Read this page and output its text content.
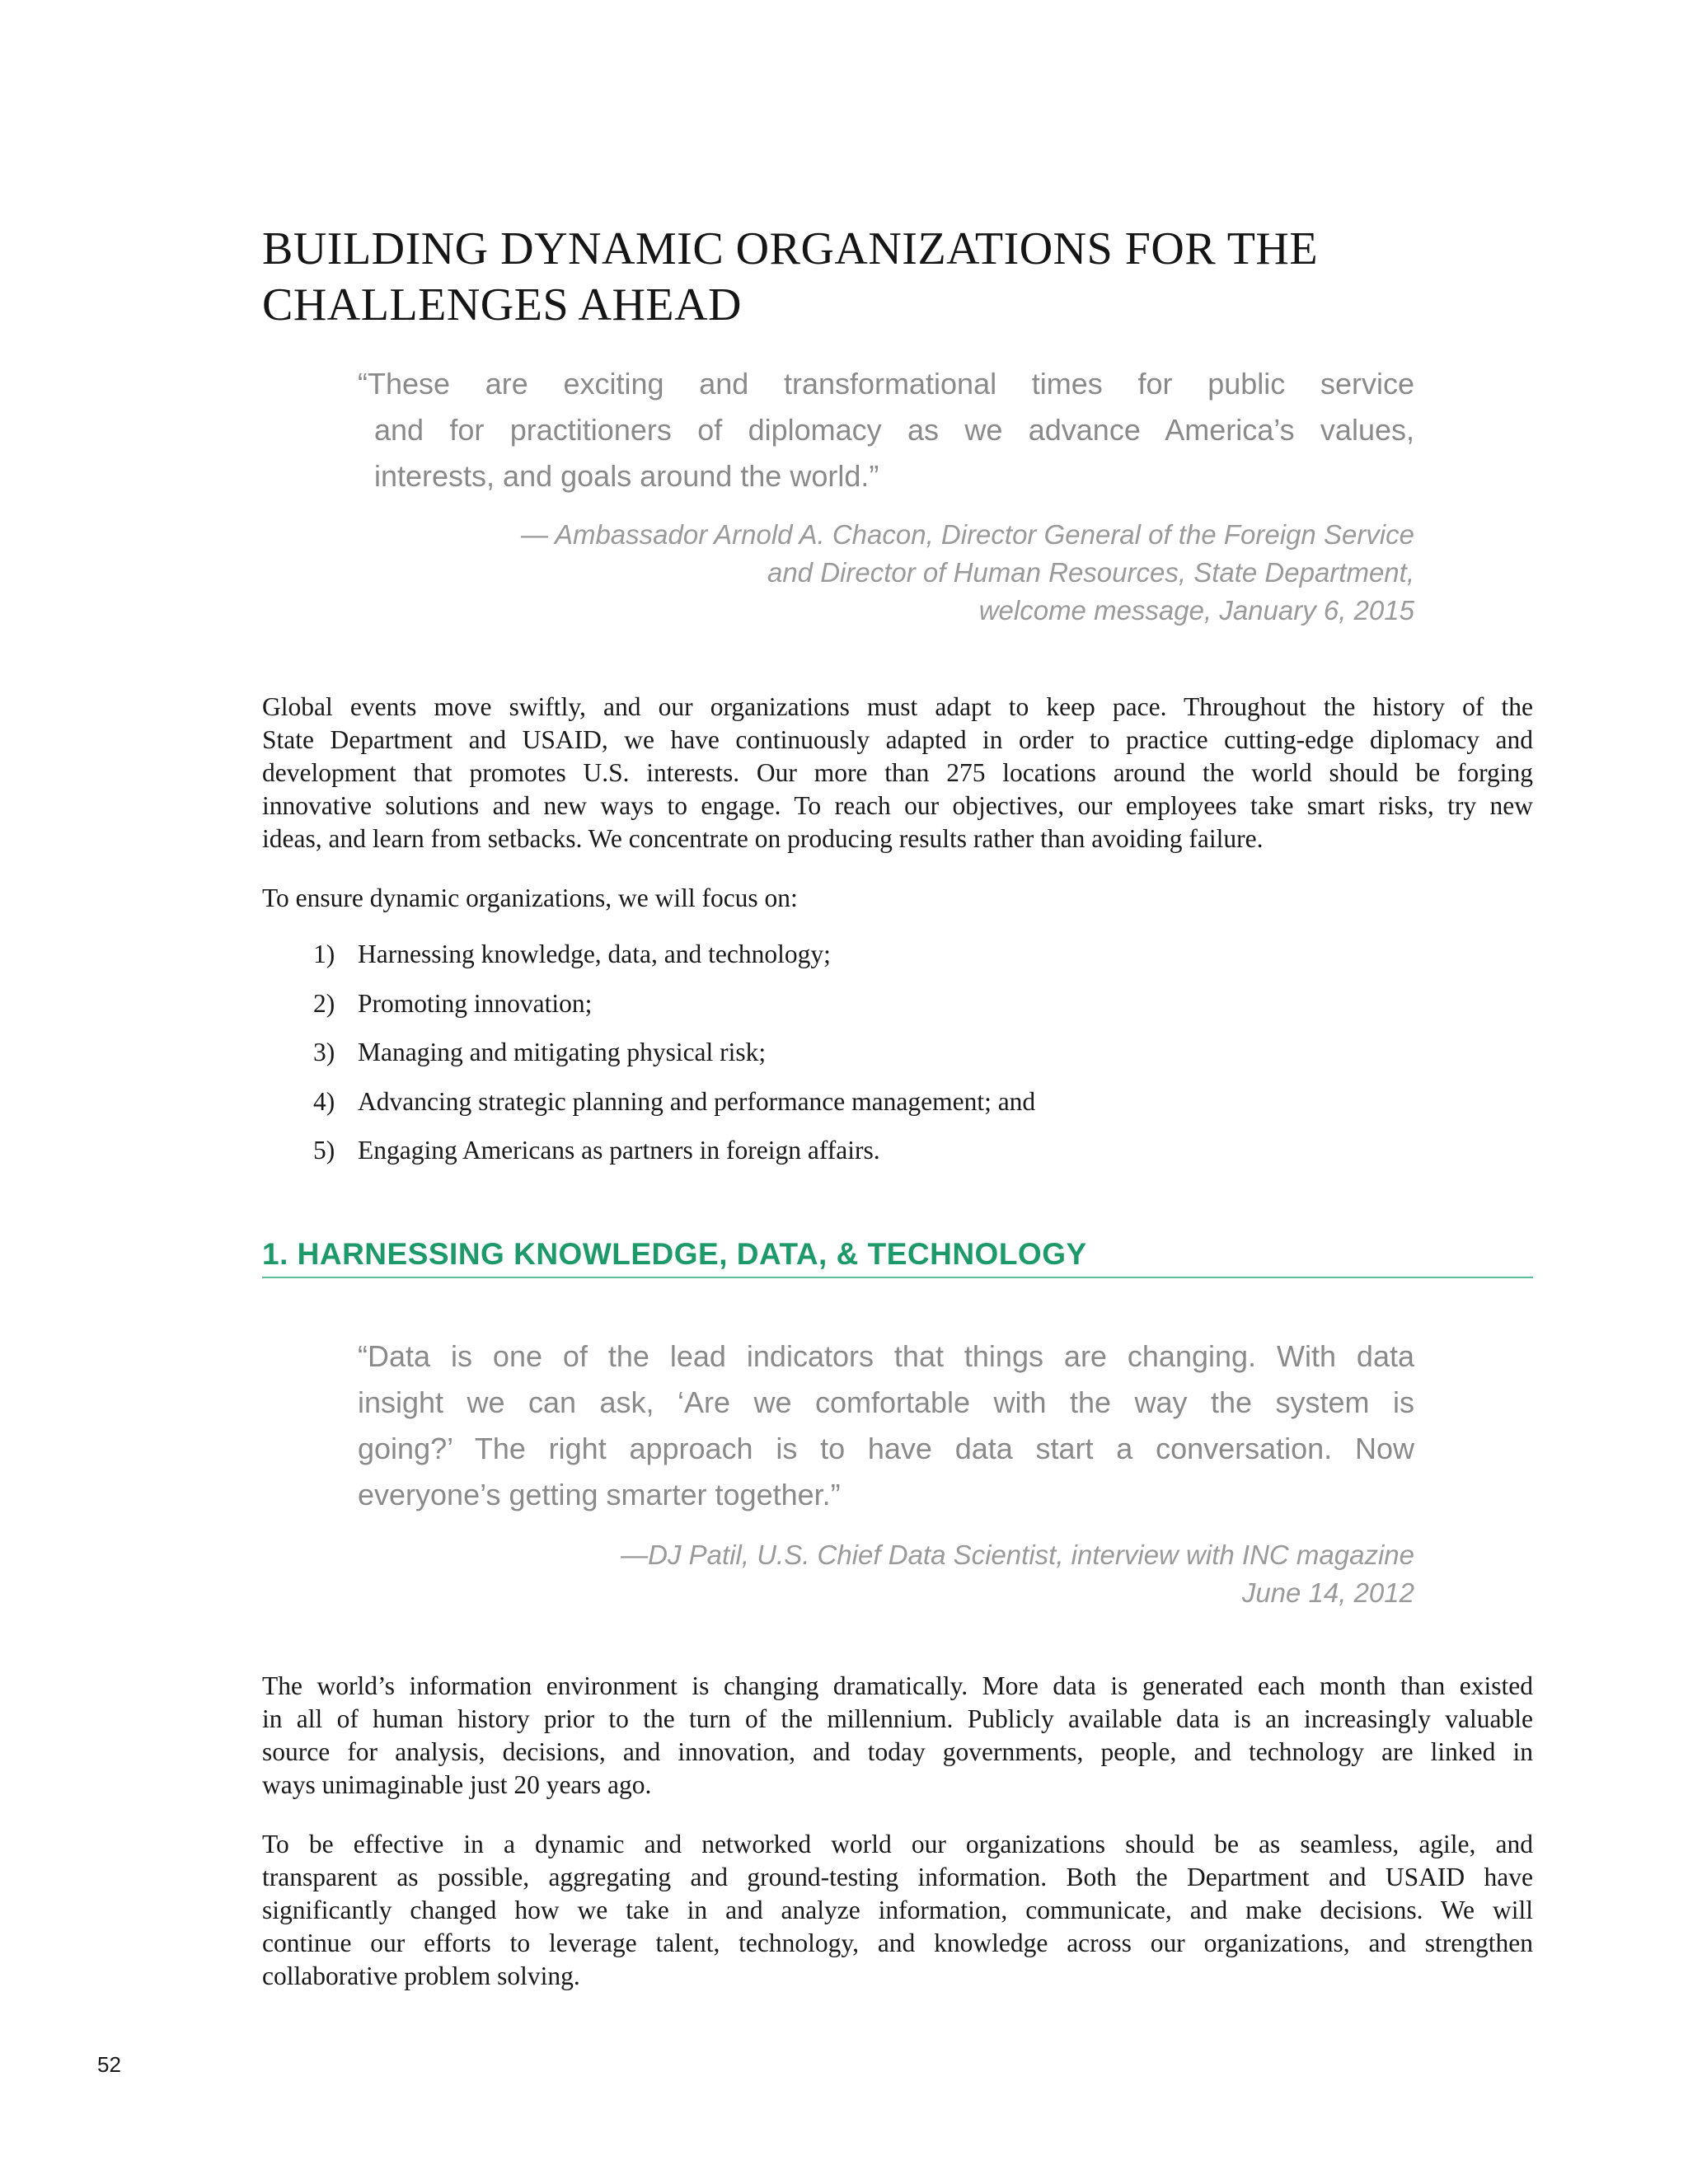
BUILDING DYNAMIC ORGANIZATIONS FOR THE
CHALLENGES AHEAD

“These are exciting and transformational times for public service
and for practitioners of diplomacy as we advance America’s values,
interests, and goals around the world.”

— Ambassador Arnold A. Chacon, Director General of the Foreign Service
and Director of Human Resources, State Department,
welcome message, January 6, 2015

Global events move swiftly, and our organizations must adapt to keep pace. Throughout the history of the
State Department and USAID, we have continuously adapted in order to practice cutting-edge diplomacy and
development that promotes U.S. interests. Our more than 275 locations around the world should be forging
innovative solutions and new ways to engage. To reach our objectives, our employees take smart risks, try new
ideas, and learn from setbacks. We concentrate on producing results rather than avoiding failure.

To ensure dynamic organizations, we will focus on:

1) Harnessing knowledge, data, and technology;
2) Promoting innovation;
3) Managing and mitigating physical risk;
4) Advancing strategic planning and performance management; and
5) Engaging Americans as partners in foreign affairs.
1. HARNESSING KNOWLEDGE, DATA, & TECHNOLOGY

“Data is one of the lead indicators that things are changing. With data
insight we can ask, ‘Are we comfortable with the way the system is
going?’ The right approach is to have data start a conversation. Now
everyone’s getting smarter together.”

—DJ Patil, U.S. Chief Data Scientist, interview with INC magazine
June 14, 2012

The world’s information environment is changing dramatically. More data is generated each month than existed
in all of human history prior to the turn of the millennium. Publicly available data is an increasingly valuable
source for analysis, decisions, and innovation, and today governments, people, and technology are linked in
ways unimaginable just 20 years ago.

To be effective in a dynamic and networked world our organizations should be as seamless, agile, and
transparent as possible, aggregating and ground-testing information. Both the Department and USAID have
significantly changed how we take in and analyze information, communicate, and make decisions. We will
continue our efforts to leverage talent, technology, and knowledge across our organizations, and strengthen
collaborative problem solving.

52
